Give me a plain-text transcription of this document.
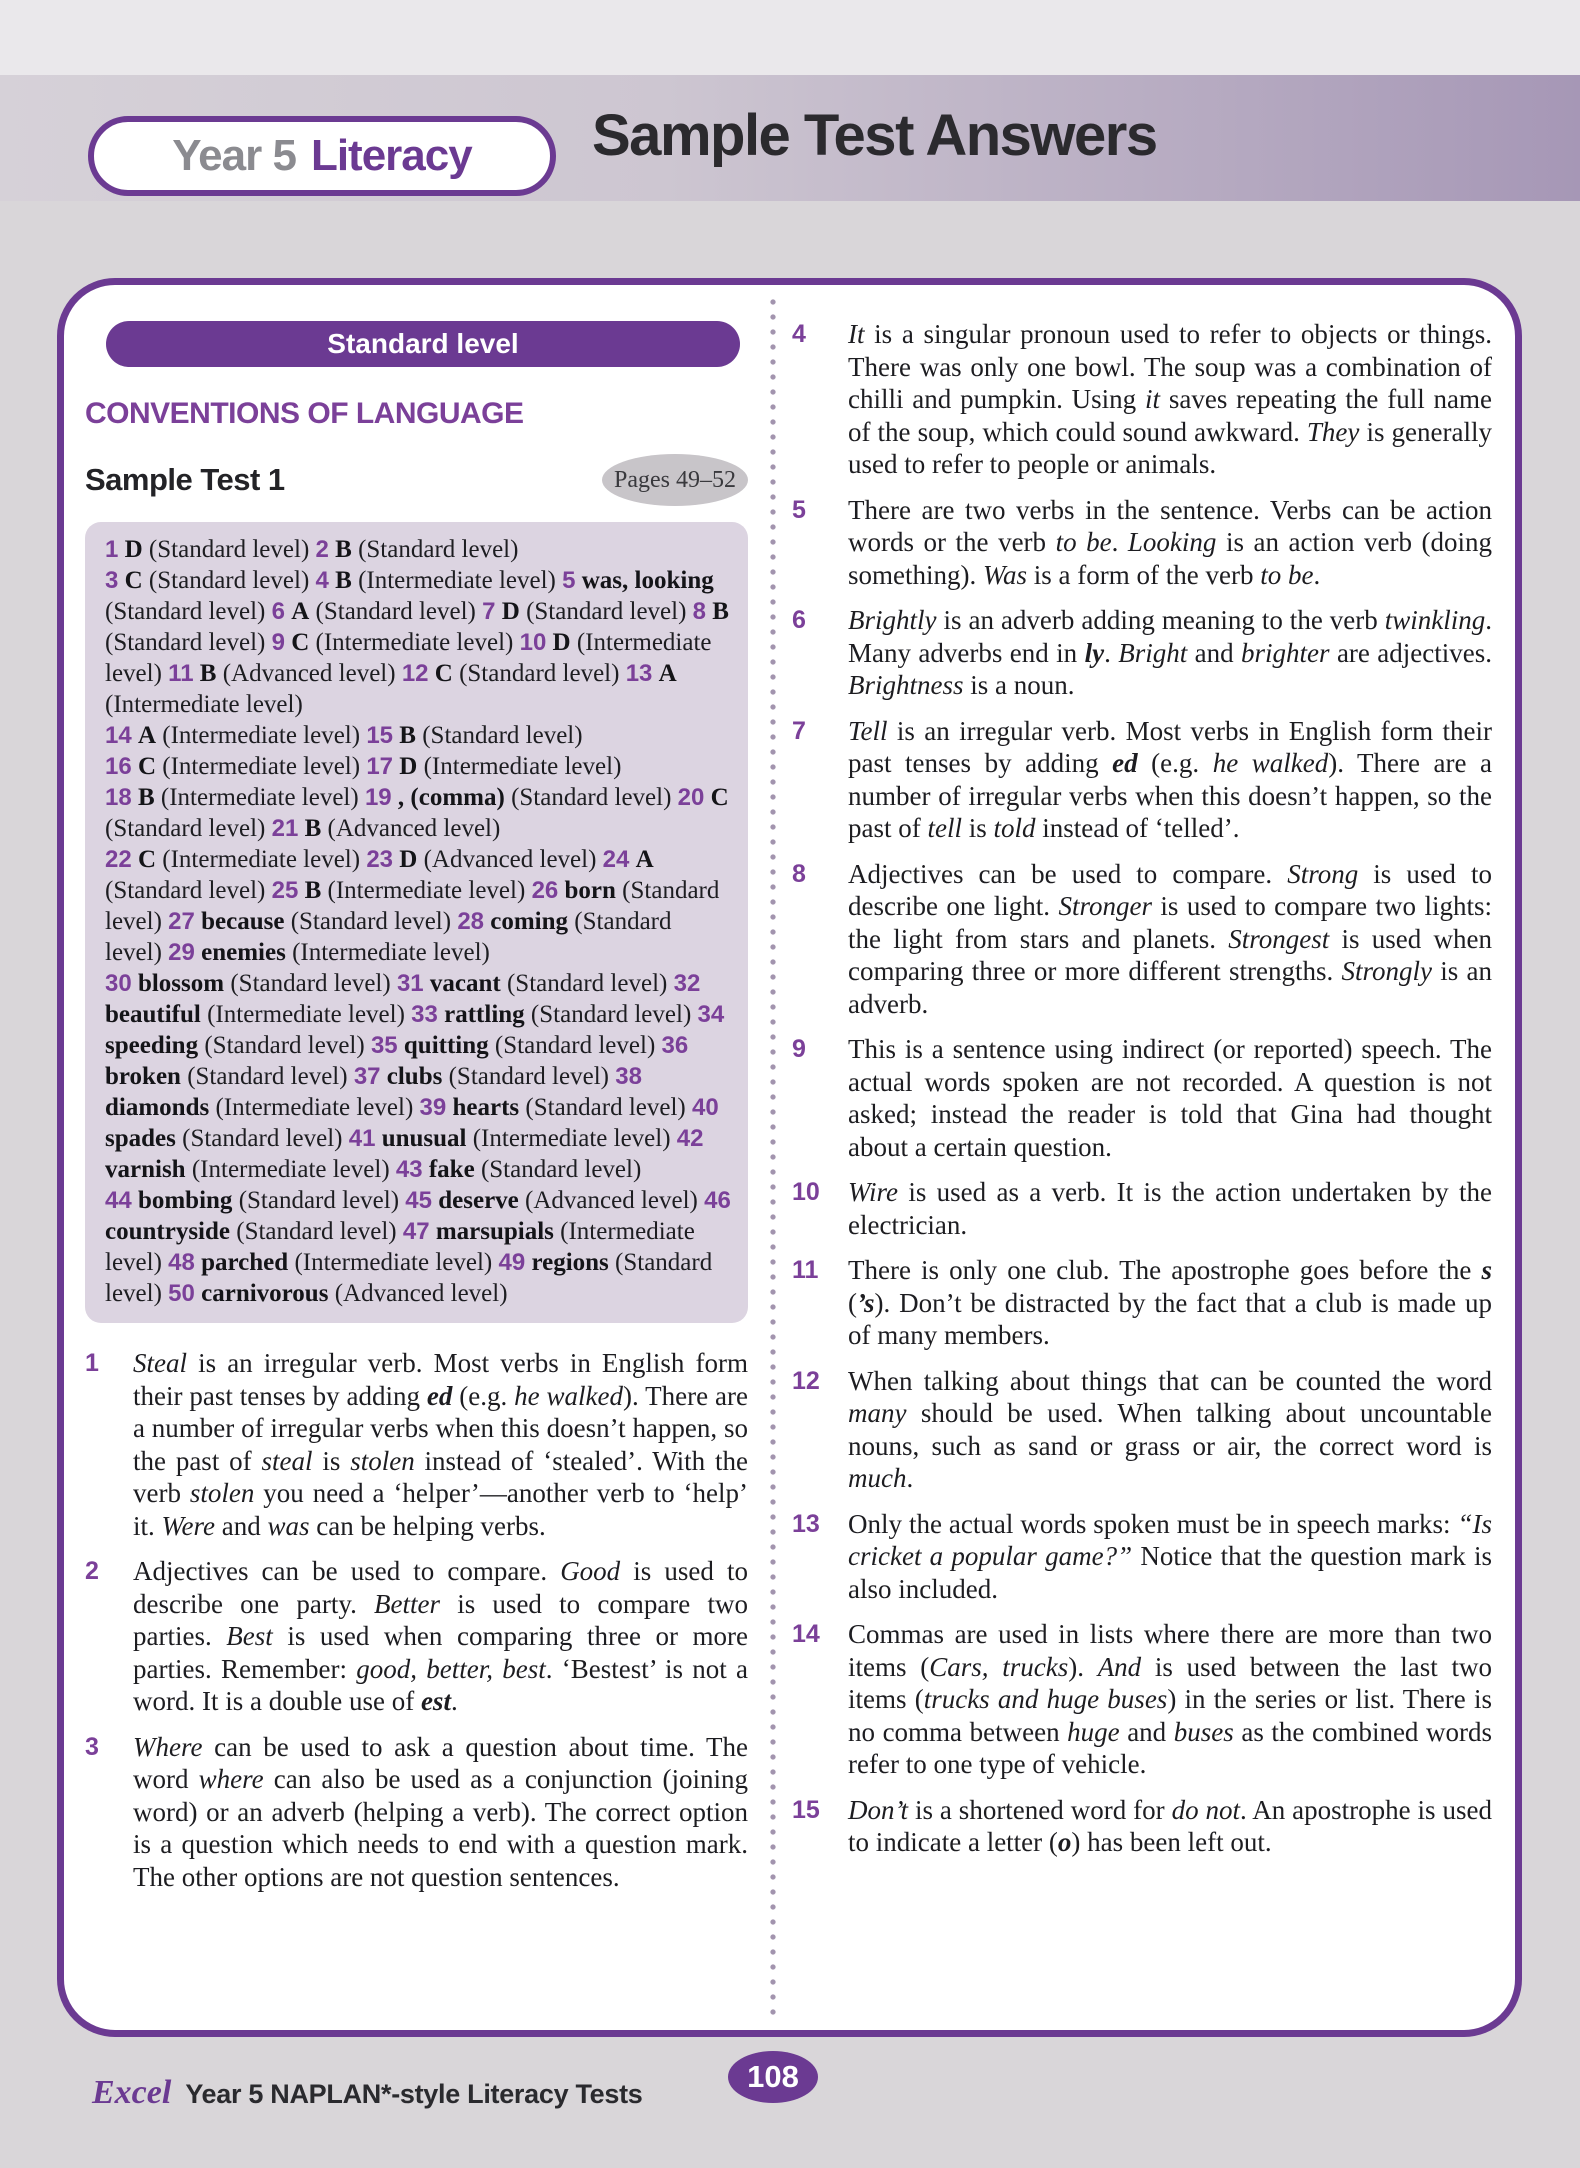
Year 5 Literacy Sample Test Answers
Standard level
CONVENTIONS OF LANGUAGE
Sample Test 1	Pages 49–52
1 D (Standard level) 2 B (Standard level)
3 C (Standard level) 4 B (Intermediate level) 5 was, looking (Standard level) 6 A (Standard level) 7 D (Standard level) 8 B (Standard level) 9 C (Intermediate level) 10 D (Intermediate level) 11 B (Advanced level) 12 C (Standard level) 13 A (Intermediate level)
14 A (Intermediate level) 15 B (Standard level)
16 C (Intermediate level) 17 D (Intermediate level)
18 B (Intermediate level) 19 , (comma) (Standard level) 20 C (Standard level) 21 B (Advanced level)
22 C (Intermediate level) 23 D (Advanced level) 24 A (Standard level) 25 B (Intermediate level) 26 born (Standard level) 27 because (Standard level) 28 coming (Standard level) 29 enemies (Intermediate level)
30 blossom (Standard level) 31 vacant (Standard level) 32 beautiful (Intermediate level) 33 rattling (Standard level) 34 speeding (Standard level) 35 quitting (Standard level) 36 broken (Standard level) 37 clubs (Standard level) 38 diamonds (Intermediate level) 39 hearts (Standard level) 40 spades (Standard level) 41 unusual (Intermediate level) 42 varnish (Intermediate level) 43 fake (Standard level)
44 bombing (Standard level) 45 deserve (Advanced level) 46 countryside (Standard level) 47 marsupials (Intermediate level) 48 parched (Intermediate level) 49 regions (Standard level) 50 carnivorous (Advanced level)
1	Steal is an irregular verb. Most verbs in English form their past tenses by adding ed (e.g. he walked). There are a number of irregular verbs when this doesn’t happen, so the past of steal is stolen instead of ‘stealed’. With the verb stolen you need a ‘helper’—another verb to ‘help’ it. Were and was can be helping verbs.

2	Adjectives can be used to compare. Good is used to describe one party. Better is used to compare two parties. Best is used when comparing three or more parties. Remember: good, better, best. ‘Bestest’ is not a word. It is a double use of est.

3	Where can be used to ask a question about time. The word where can also be used as a conjunction (joining word) or an adverb (helping a verb). The correct option is a question which needs to end with a question mark. The other options are not question sentences.

4	It is a singular pronoun used to refer to objects or things. There was only one bowl. The soup was a combination of chilli and pumpkin. Using it saves repeating the full name of the soup, which could sound awkward. They is generally used to refer to people or animals.

5	There are two verbs in the sentence. Verbs can be action words or the verb to be. Looking is an action verb (doing something). Was is a form of the verb to be.

6	Brightly is an adverb adding meaning to the verb twinkling. Many adverbs end in ly. Bright and brighter are adjectives. Brightness is a noun.

7	Tell is an irregular verb. Most verbs in English form their past tenses by adding ed (e.g. he walked). There are a number of irregular verbs when this doesn’t happen, so the past of tell is told instead of ‘telled’.

8	Adjectives can be used to compare. Strong is used to describe one light. Stronger is used to compare two lights: the light from stars and planets. Strongest is used when comparing three or more different strengths. Strongly is an adverb.

9	This is a sentence using indirect (or reported) speech. The actual words spoken are not recorded. A question is not asked; instead the reader is told that Gina had thought about a certain question.

10	Wire is used as a verb. It is the action undertaken by the electrician.

11	There is only one club. The apostrophe goes before the s (’s). Don’t be distracted by the fact that a club is made up of many members.

12	When talking about things that can be counted the word many should be used. When talking about uncountable nouns, such as sand or grass or air, the correct word is much.

13	Only the actual words spoken must be in speech marks: “Is cricket a popular game?” Notice that the question mark is also included.

14	Commas are used in lists where there are more than two items (Cars, trucks). And is used between the last two items (trucks and huge buses) in the series or list. There is no comma between huge and buses as the combined words refer to one type of vehicle.

15	Don’t is a shortened word for do not. An apostrophe is used to indicate a letter (o) has been left out.

Excel Year 5 NAPLAN*-style Literacy Tests	108
